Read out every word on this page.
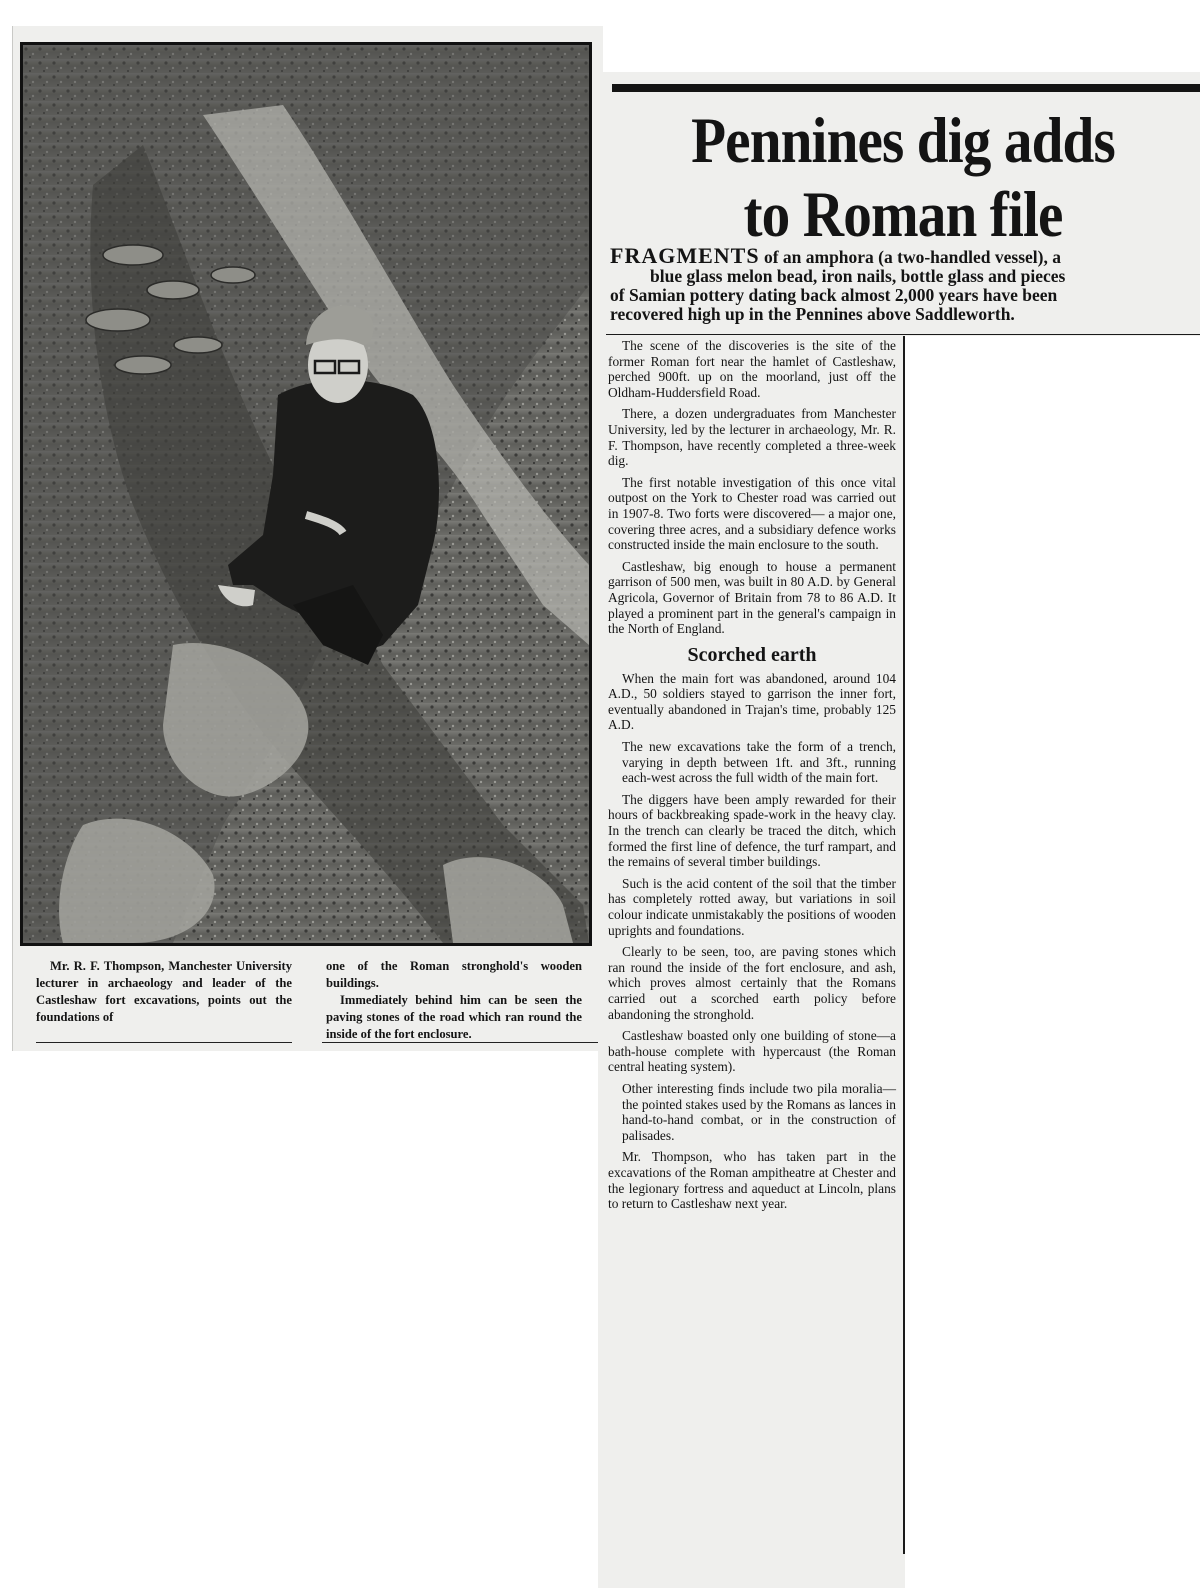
Mr. R. F. Thompson, Manchester University lecturer in archaeology and leader of the Castleshaw fort excavations, points out the foundations of

one of the Roman stronghold's wooden buildings.

Immediately behind him can be seen the paving stones of the road which ran round the inside of the fort enclosure.

Pennines dig adds
to Roman file
FRAGMENTS of an amphora (a two-handled vessel), a
blue glass melon bead, iron nails, bottle glass and pieces
of Samian pottery dating back almost 2,000 years have been
recovered high up in the Pennines above Saddleworth.

The scene of the discoveries is the site of the former Roman fort near the hamlet of Castleshaw, perched 900ft. up on the moorland, just off the Oldham-Huddersfield Road.

There, a dozen undergraduates from Manchester University, led by the lecturer in archaeology, Mr. R. F. Thompson, have recently completed a three-week dig.

The first notable investigation of this once vital outpost on the York to Chester road was carried out in 1907-8. Two forts were discovered— a major one, covering three acres, and a subsidiary defence works constructed inside the main enclosure to the south.

Castleshaw, big enough to house a permanent garrison of 500 men, was built in 80 A.D. by General Agricola, Governor of Britain from 78 to 86 A.D. It played a prominent part in the general's campaign in the North of England.

Scorched earth

When the main fort was abandoned, around 104 A.D., 50 soldiers stayed to garrison the inner fort, eventually abandoned in Trajan's time, probably 125 A.D.

The new excavations take the form of a trench, varying in depth between 1ft. and 3ft., running each-west across the full width of the main fort.

The diggers have been amply rewarded for their hours of backbreaking spade-work in the heavy clay. In the trench can clearly be traced the ditch, which formed the first line of defence, the turf rampart, and the remains of several timber buildings.

Such is the acid content of the soil that the timber has completely rotted away, but variations in soil colour indicate unmistakably the positions of wooden uprights and foundations.

Clearly to be seen, too, are paving stones which ran round the inside of the fort enclosure, and ash, which proves almost certainly that the Romans carried out a scorched earth policy before abandoning the stronghold.

Castleshaw boasted only one building of stone—a bath-house complete with hypercaust (the Roman central heating system).

Other interesting finds include two pila moralia—the pointed stakes used by the Romans as lances in hand-to-hand combat, or in the construction of palisades.

Mr. Thompson, who has taken part in the excavations of the Roman ampitheatre at Chester and the legionary fortress and aqueduct at Lincoln, plans to return to Castleshaw next year.
